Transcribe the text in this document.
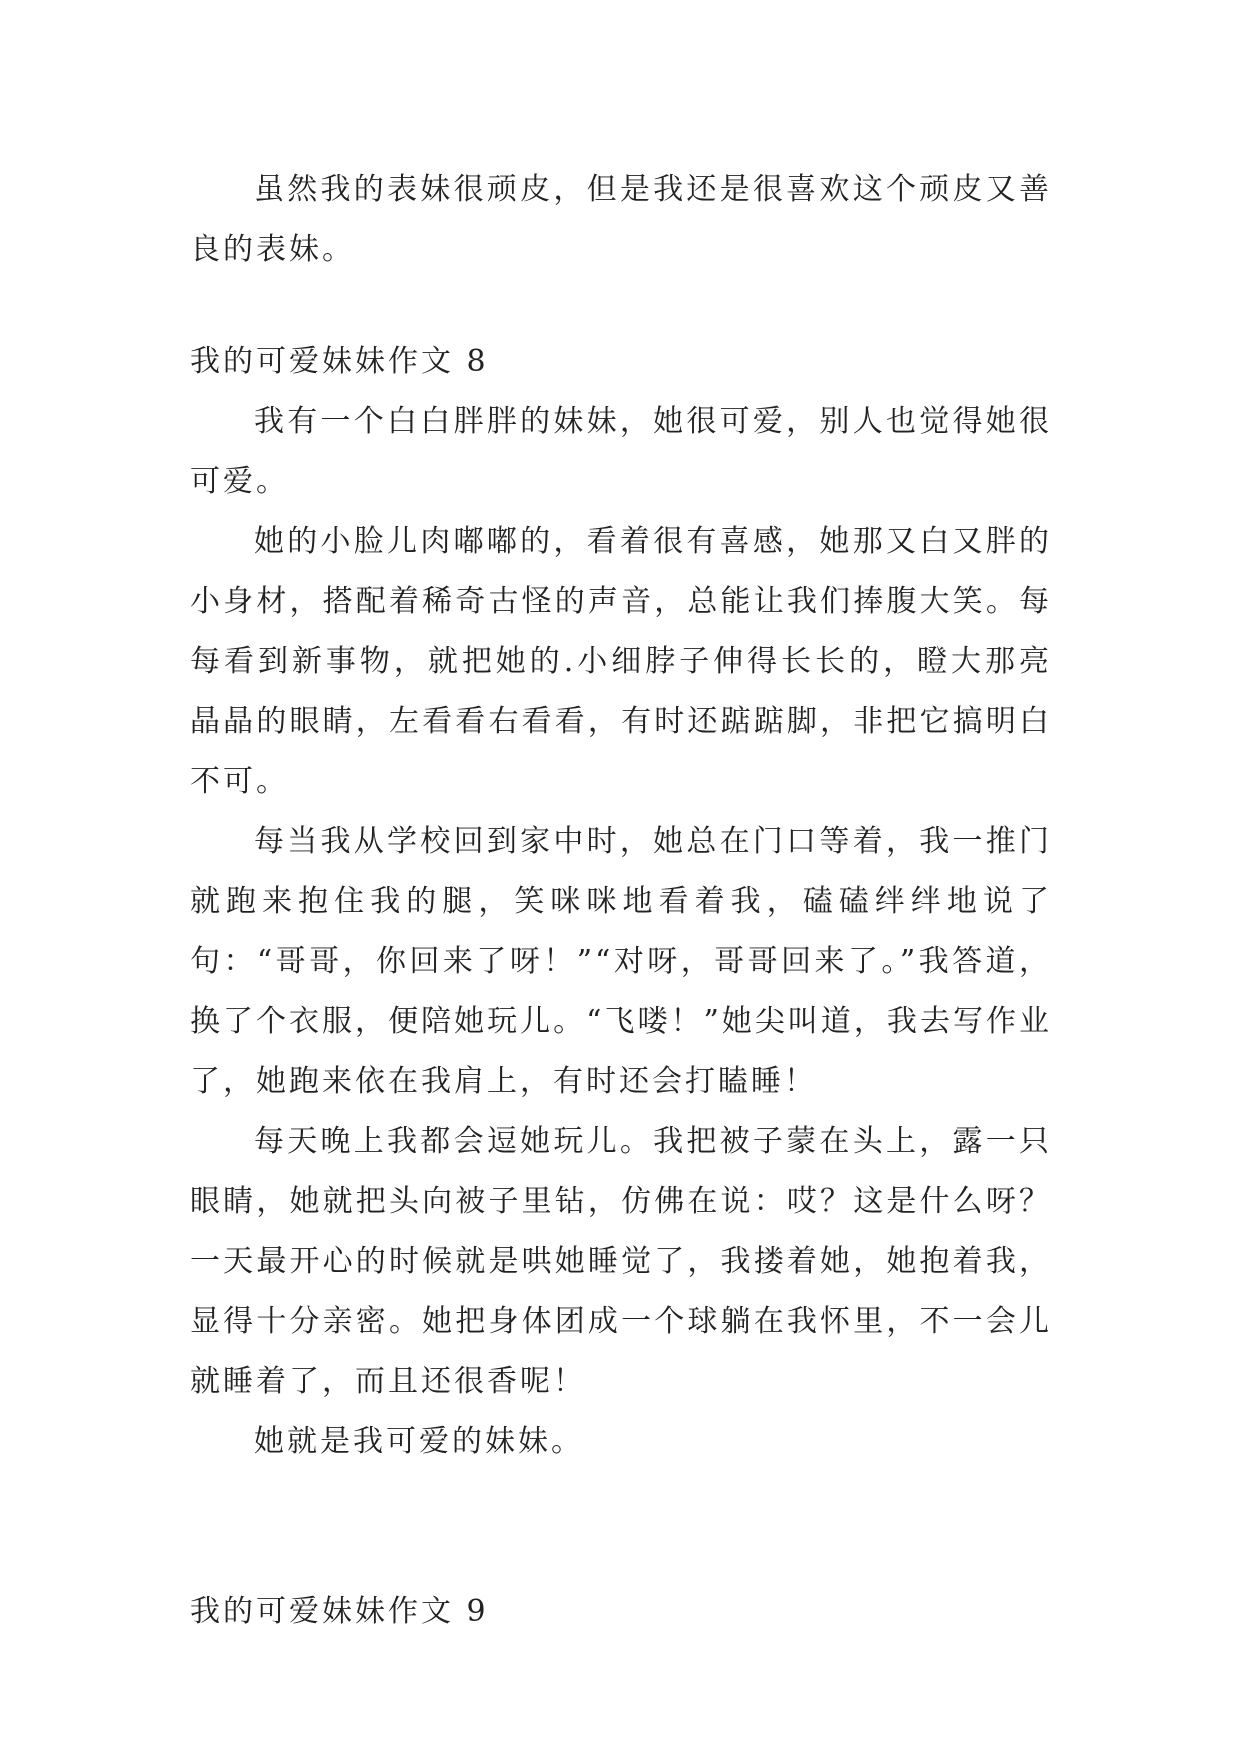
虽然我的表妹很顽皮，但是我还是很喜欢这个顽皮又善良的表妹。

我的可爱妹妹作文 8

我有一个白白胖胖的妹妹，她很可爱，别人也觉得她很可爱。

她的小脸儿肉嘟嘟的，看着很有喜感，她那又白又胖的小身材，搭配着稀奇古怪的声音，总能让我们捧腹大笑。每每看到新事物，就把她的.小细脖子伸得长长的，瞪大那亮晶晶的眼睛，左看看右看看，有时还踮踮脚，非把它搞明白不可。

每当我从学校回到家中时，她总在门口等着，我一推门就跑来抱住我的腿，笑咪咪地看着我，磕磕绊绊地说了句：“哥哥，你回来了呀！”“对呀，哥哥回来了。”我答道，换了个衣服，便陪她玩儿。“飞喽！”她尖叫道，我去写作业了，她跑来依在我肩上，有时还会打瞌睡！

每天晚上我都会逗她玩儿。我把被子蒙在头上，露一只眼睛，她就把头向被子里钻，仿佛在说：哎？这是什么呀？一天最开心的时候就是哄她睡觉了，我搂着她，她抱着我，显得十分亲密。她把身体团成一个球躺在我怀里，不一会儿就睡着了，而且还很香呢！

她就是我可爱的妹妹。

我的可爱妹妹作文 9
